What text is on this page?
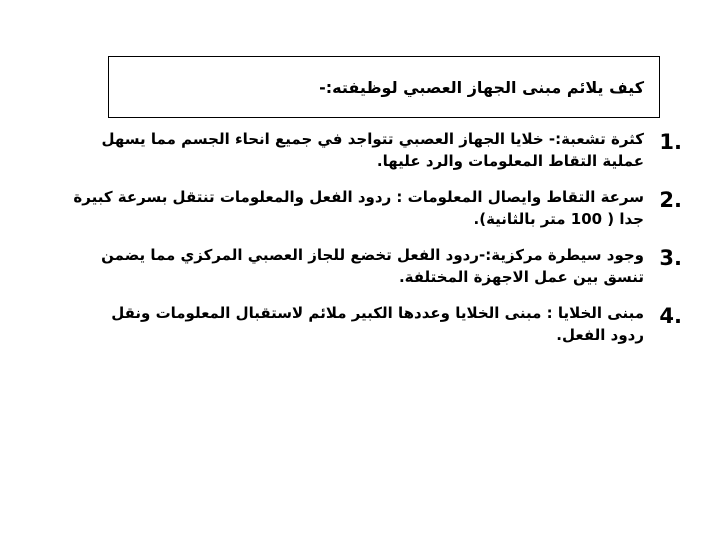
كيف يلائم مبنى الجهاز العصبي لوظيفته:-
1.
كثرة تشعبة:- خلايا الجهاز العصبي تتواجد في جميع انحاء الجسم مما يسهل
عملية التقاط المعلومات والرد عليها.
2.
سرعة التقاط وايصال المعلومات : ردود الفعل والمعلومات تنتقل بسرعة كبيرة
جدا ( 100 متر بالثانية).
3.
وجود سيطرة مركزية:-ردود الفعل تخضع للجاز العصبي المركزي مما يضمن
تنسق بين عمل الاجهزة المختلفة.
4.
مبنى الخلايا : مبنى الخلايا وعددها الكبير ملائم لاستقبال المعلومات ونقل
ردود الفعل.
